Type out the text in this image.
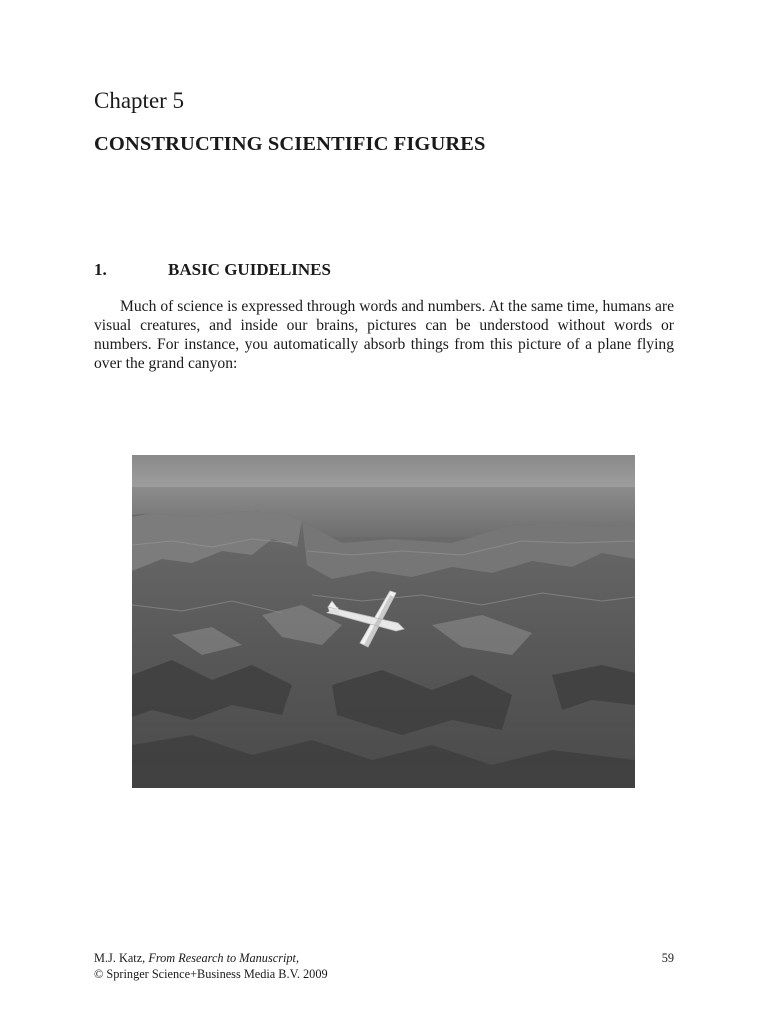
Chapter 5
CONSTRUCTING SCIENTIFIC FIGURES
1.	BASIC GUIDELINES

Much of science is expressed through words and numbers. At the same time, humans are visual creatures, and inside our brains, pictures can be understood without words or numbers. For instance, you automatically absorb things from this picture of a plane flying over the grand canyon:

M.J. Katz, From Research to Manuscript,
© Springer Science+Business Media B.V. 2009

59
